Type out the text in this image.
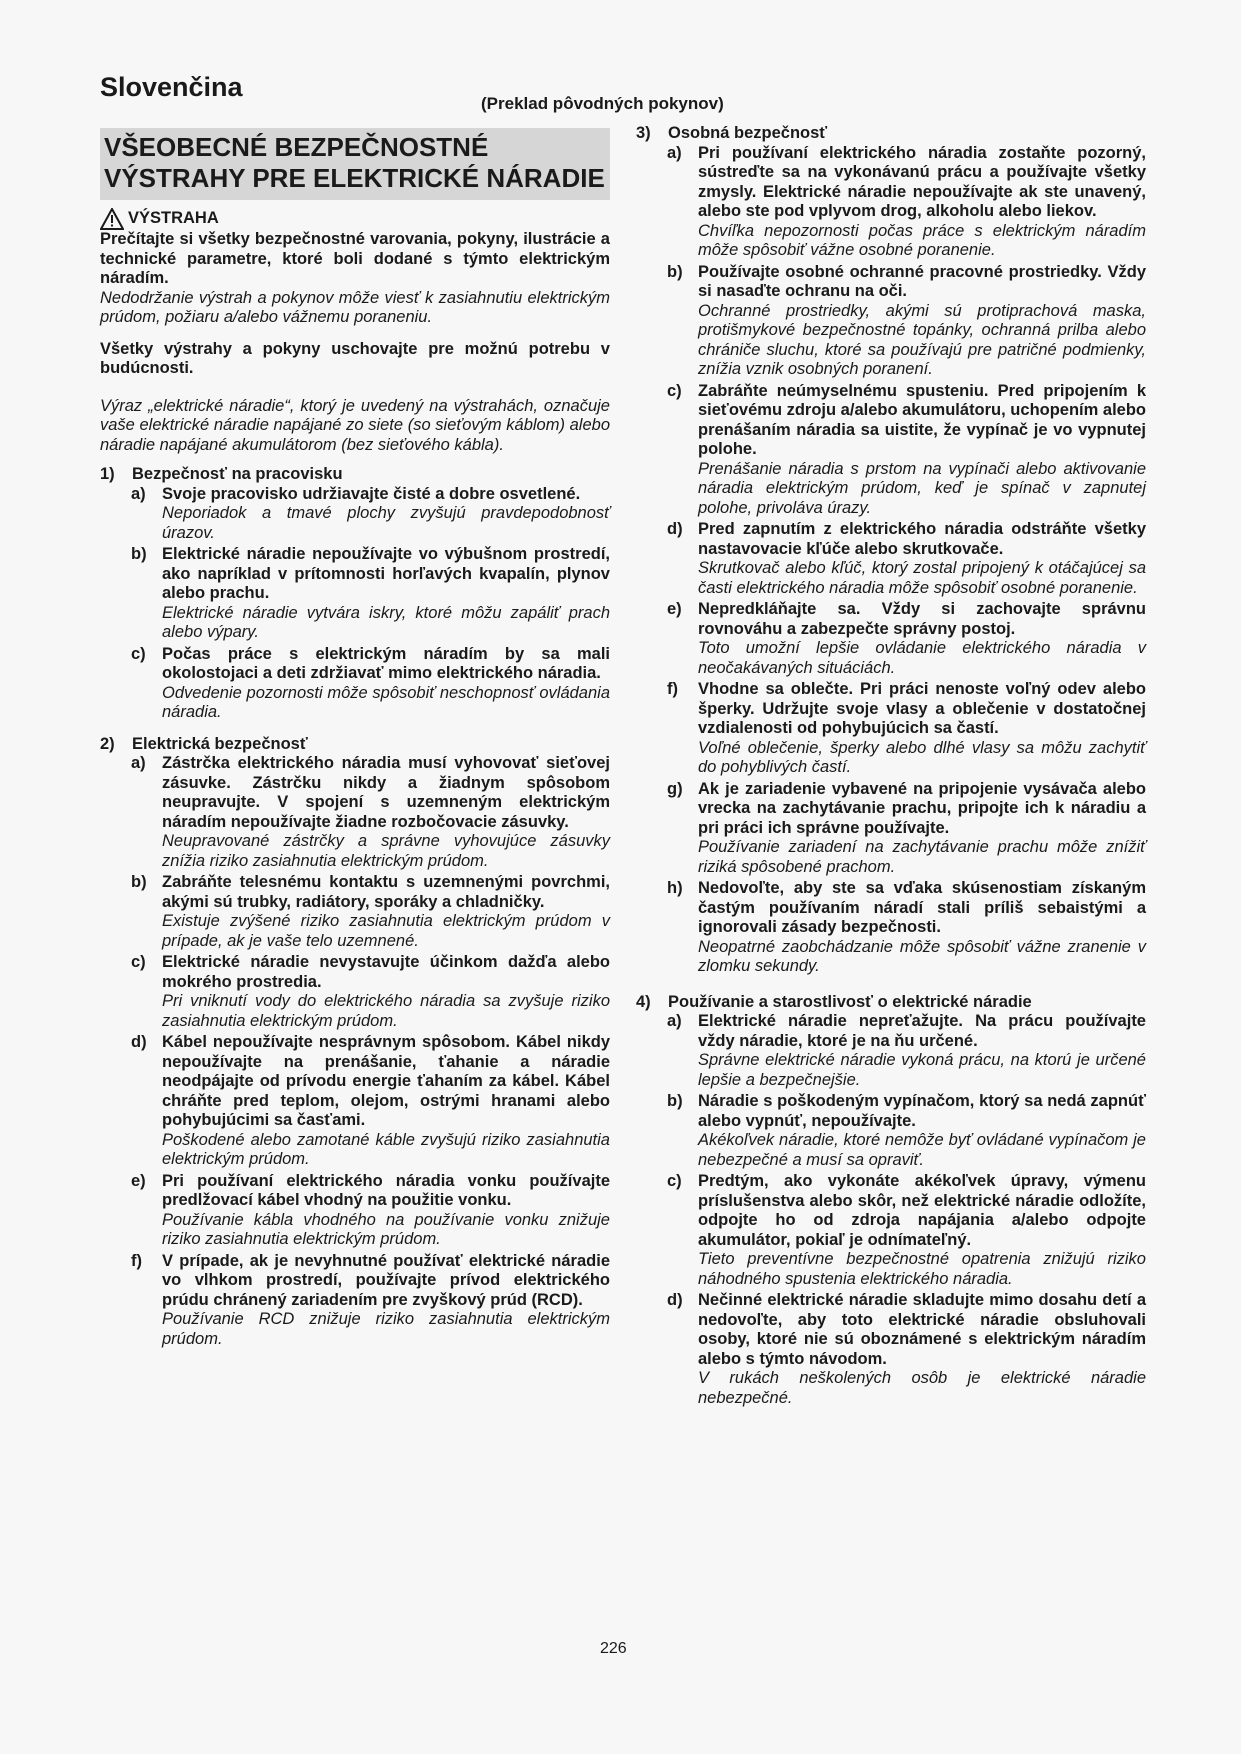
Slovenčina
(Preklad pôvodných pokynov)
VŠEOBECNÉ BEZPEČNOSTNÉ VÝSTRAHY PRE ELEKTRICKÉ NÁRADIE
VÝSTRAHA

Prečítajte si všetky bezpečnostné varovania, pokyny, ilustrácie a technické parametre, ktoré boli dodané s týmto elektrickým náradím.

Nedodržanie výstrah a pokynov môže viesť k zasiahnutiu elektrickým prúdom, požiaru a/alebo vážnemu poraneniu.

Všetky výstrahy a pokyny uschovajte pre možnú potrebu v budúcnosti.

Výraz „elektrické náradie“, ktorý je uvedený na výstrahách, označuje vaše elektrické náradie napájané zo siete (so sieťovým káblom) alebo náradie napájané akumulátorom (bez sieťového kábla).

1) Bezpečnosť na pracovisku
a) Svoje pracovisko udržiavajte čisté a dobre osvetlené.

Neporiadok a tmavé plochy zvyšujú pravdepodobnosť úrazov.

b) Elektrické náradie nepoužívajte vo výbušnom prostredí, ako napríklad v prítomnosti horľavých kvapalín, plynov alebo prachu.

Elektrické náradie vytvára iskry, ktoré môžu zapáliť prach alebo výpary.

c) Počas práce s elektrickým náradím by sa mali okolostojaci a deti zdržiavať mimo elektrického náradia.

Odvedenie pozornosti môže spôsobiť neschopnosť ovládania náradia.

2) Elektrická bezpečnosť
a) Zástrčka elektrického náradia musí vyhovovať sieťovej zásuvke. Zástrčku nikdy a žiadnym spôsobom neupravujte. V spojení s uzemneným elektrickým náradím nepoužívajte žiadne rozbočovacie zásuvky.

Neupravované zástrčky a správne vyhovujúce zásuvky znížia riziko zasiahnutia elektrickým prúdom.

b) Zabráňte telesnému kontaktu s uzemnenými povrchmi, akými sú trubky, radiátory, sporáky a chladničky.

Existuje zvýšené riziko zasiahnutia elektrickým prúdom v prípade, ak je vaše telo uzemnené.

c) Elektrické náradie nevystavujte účinkom dažďa alebo mokrého prostredia.

Pri vniknutí vody do elektrického náradia sa zvyšuje riziko zasiahnutia elektrickým prúdom.

d) Kábel nepoužívajte nesprávnym spôsobom. Kábel nikdy nepoužívajte na prenášanie, ťahanie a náradie neodpájajte od prívodu energie ťahaním za kábel. Kábel chráňte pred teplom, olejom, ostrými hranami alebo pohybujúcimi sa časťami.

Poškodené alebo zamotané káble zvyšujú riziko zasiahnutia elektrickým prúdom.

e) Pri používaní elektrického náradia vonku používajte predlžovací kábel vhodný na použitie vonku.

Používanie kábla vhodného na používanie vonku znižuje riziko zasiahnutia elektrickým prúdom.

f)	V prípade, ak je nevyhnutné používať elektrické náradie vo vlhkom prostredí, používajte prívod elektrického prúdu chránený zariadením pre zvyškový prúd (RCD).

Používanie RCD znižuje riziko zasiahnutia elektrickým prúdom.

3) Osobná bezpečnosť
a) Pri používaní elektrického náradia zostaňte pozorný, sústreďte sa na vykonávanú prácu a používajte všetky zmysly. Elektrické náradie nepoužívajte ak ste unavený, alebo ste pod vplyvom drog, alkoholu alebo liekov.

Chvíľka nepozornosti počas práce s elektrickým náradím môže spôsobiť vážne osobné poranenie.

b) Používajte osobné ochranné pracovné prostriedky. Vždy si nasaďte ochranu na oči.

Ochranné prostriedky, akými sú protiprachová maska, protišmykové bezpečnostné topánky, ochranná prilba alebo chrániče sluchu, ktoré sa používajú pre patričné podmienky, znížia vznik osobných poranení.

c) Zabráňte neúmyselnému spusteniu. Pred pripojením k sieťovému zdroju a/alebo akumulátoru, uchopením alebo prenášaním náradia sa uistite, že vypínač je vo vypnutej polohe.

Prenášanie náradia s prstom na vypínači alebo aktivovanie náradia elektrickým prúdom, keď je spínač v zapnutej polohe, privoláva úrazy.

d) Pred zapnutím z elektrického náradia odstráňte všetky nastavovacie kľúče alebo skrutkovače.

Skrutkovač alebo kľúč, ktorý zostal pripojený k otáčajúcej sa časti elektrického náradia môže spôsobiť osobné poranenie.

e) Nepredkláňajte sa. Vždy si zachovajte správnu rovnováhu a zabezpečte správny postoj.

Toto umožní lepšie ovládanie elektrického náradia v neočakávaných situáciách.

f)	Vhodne sa oblečte. Pri práci nenoste voľný odev alebo šperky. Udržujte svoje vlasy a oblečenie v dostatočnej vzdialenosti od pohybujúcich sa častí.

Voľné oblečenie, šperky alebo dlhé vlasy sa môžu zachytiť do pohyblivých častí.

g) Ak je zariadenie vybavené na pripojenie vysávača alebo vrecka na zachytávanie prachu, pripojte ich k náradiu a pri práci ich správne používajte.

Používanie zariadení na zachytávanie prachu môže znížiť riziká spôsobené prachom.

h) Nedovoľte, aby ste sa vďaka skúsenostiam získaným častým používaním náradí stali príliš sebaistými a ignorovali zásady bezpečnosti.

Neopatrné zaobchádzanie môže spôsobiť vážne zranenie v zlomku sekundy.

4) Používanie a starostlivosť o elektrické náradie
a) Elektrické náradie nepreťažujte. Na prácu používajte vždy náradie, ktoré je na ňu určené.

Správne elektrické náradie vykoná prácu, na ktorú je určené lepšie a bezpečnejšie.

b) Náradie s poškodeným vypínačom, ktorý sa nedá zapnúť alebo vypnúť, nepoužívajte.

Akékoľvek náradie, ktoré nemôže byť ovládané vypínačom je nebezpečné a musí sa opraviť.

c) Predtým, ako vykonáte akékoľvek úpravy, výmenu príslušenstva alebo skôr, než elektrické náradie odložíte, odpojte ho od zdroja napájania a/alebo odpojte akumulátor, pokiaľ je odnímateľný.

Tieto preventívne bezpečnostné opatrenia znižujú riziko náhodného spustenia elektrického náradia.

d) Nečinné elektrické náradie skladujte mimo dosahu detí a nedovoľte, aby toto elektrické náradie obsluhovali osoby, ktoré nie sú oboznámené s elektrickým náradím alebo s týmto návodom.

V rukách neškolených osôb je elektrické náradie nebezpečné.

226
